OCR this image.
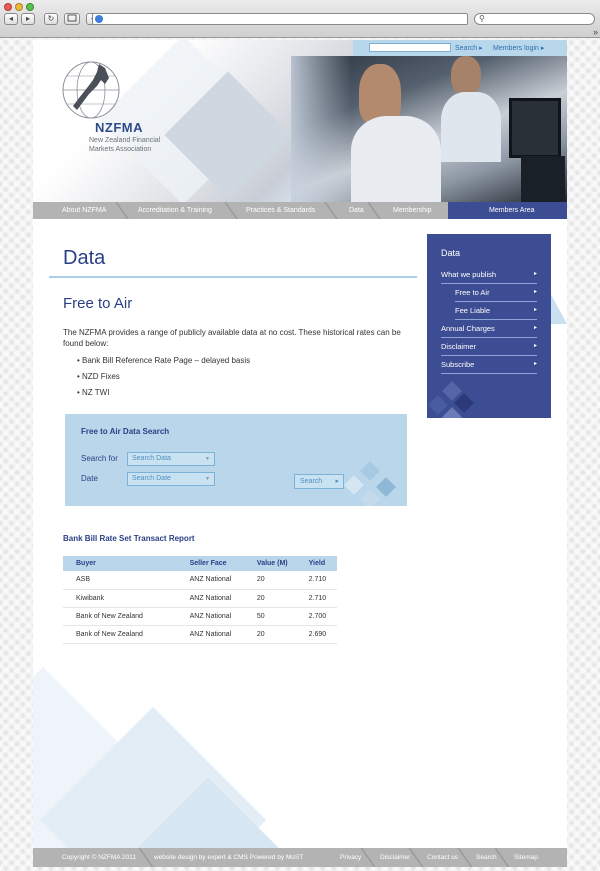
◂	▸	↻	⚲
»
NZFMA
New Zealand Financial Markets Association
Search ▸ Members login ▸
About NZFMA	Accreditation & Training	Practices & Standards	Data	Membership	Members Area
Data
Free to Air
The NZFMA provides a range of publicly available data at no cost. These historical rates can be found below:
• Bank Bill Reference Rate Page – delayed basis
• NZD Fixes
• NZ TWI
Free to Air Data Search
Search for	Search Data ▼
Date	Search Date ▼	Search ▸
Bank Bill Rate Set Transact Report
Buyer	Seller Face	Value (M)	Yield
ASB	ANZ National	20	2.710
Kiwibank	ANZ National	20	2.710
Bank of New Zealand	ANZ National	50	2.700
Bank of New Zealand	ANZ National	20	2.690
Data
What we publish	▸
Free to Air	▸
Fee Liable	▸
Annual Charges	▸
Disclaimer	▸
Subscribe	▸
Copyright © NZFMA 2011	website design by expert & CMS Powered by MoST	Privacy	Disclaimer	Contact us	Search	Sitemap
